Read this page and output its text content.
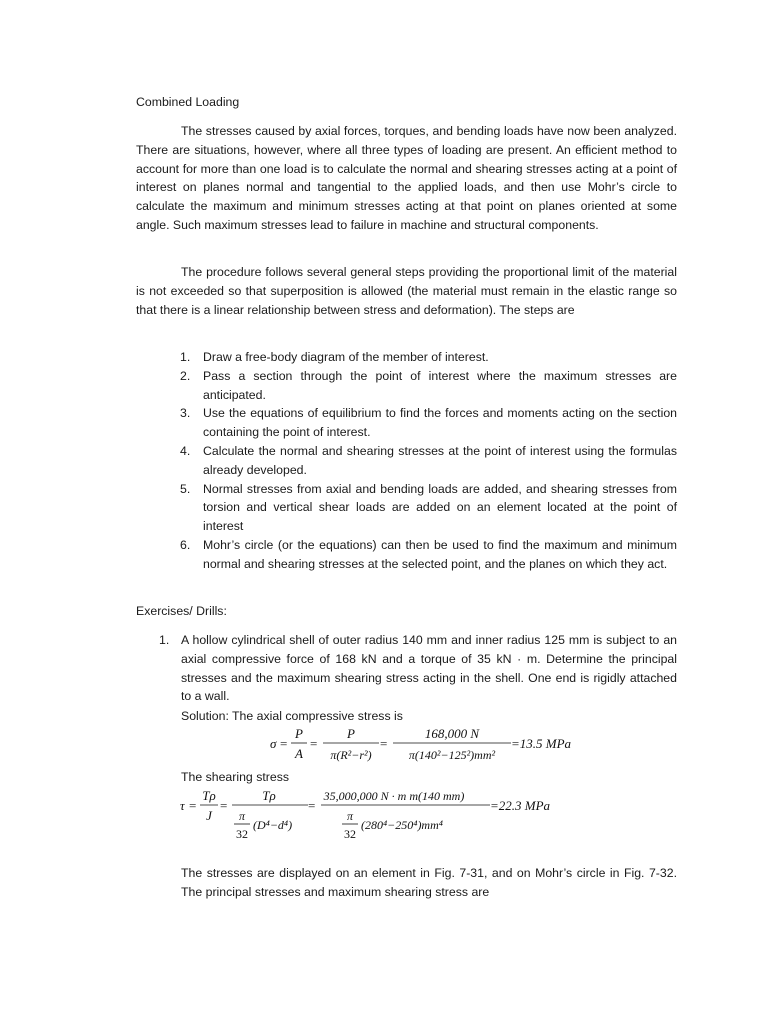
Combined Loading

The stresses caused by axial forces, torques, and bending loads have now been analyzed. There are situations, however, where all three types of loading are present. An efficient method to account for more than one load is to calculate the normal and shearing stresses acting at a point of interest on planes normal and tangential to the applied loads, and then use Mohr’s circle to calculate the maximum and minimum stresses acting at that point on planes oriented at some angle. Such maximum stresses lead to failure in machine and structural components.

The procedure follows several general steps providing the proportional limit of the material is not exceeded so that superposition is allowed (the material must remain in the elastic range so that there is a linear relationship between stress and deformation). The steps are

1. Draw a free-body diagram of the member of interest.
2. Pass a section through the point of interest where the maximum stresses are anticipated.
3. Use the equations of equilibrium to find the forces and moments acting on the section containing the point of interest.
4. Calculate the normal and shearing stresses at the point of interest using the formulas already developed.
5. Normal stresses from axial and bending loads are added, and shearing stresses from torsion and vertical shear loads are added on an element located at the point of interest
6. Mohr’s circle (or the equations) can then be used to find the maximum and minimum normal and shearing stresses at the selected point, and the planes on which they act.
Exercises/ Drills:
1. A hollow cylindrical shell of outer radius 140 mm and inner radius 125 mm is subject to an axial compressive force of 168 kN and a torque of 35 kN · m. Determine the principal stresses and the maximum shearing stress acting in the shell. One end is rigidly attached to a wall.
Solution: The axial compressive stress is
σ =
P
A
=
P
π(R²−r²)
=
168,000 N
π(140²−125²)mm²
=13.5 MPa
The shearing stress
τ =
Tρ
J
=
Tρ
π
32
(D⁴−d⁴)
=
35,000,000 N · m m(140 mm)
π
32
(280⁴−250⁴)mm⁴
=22.3 MPa
The stresses are displayed on an element in Fig. 7-31, and on Mohr’s circle in Fig. 7-32. The principal stresses and maximum shearing stress are
